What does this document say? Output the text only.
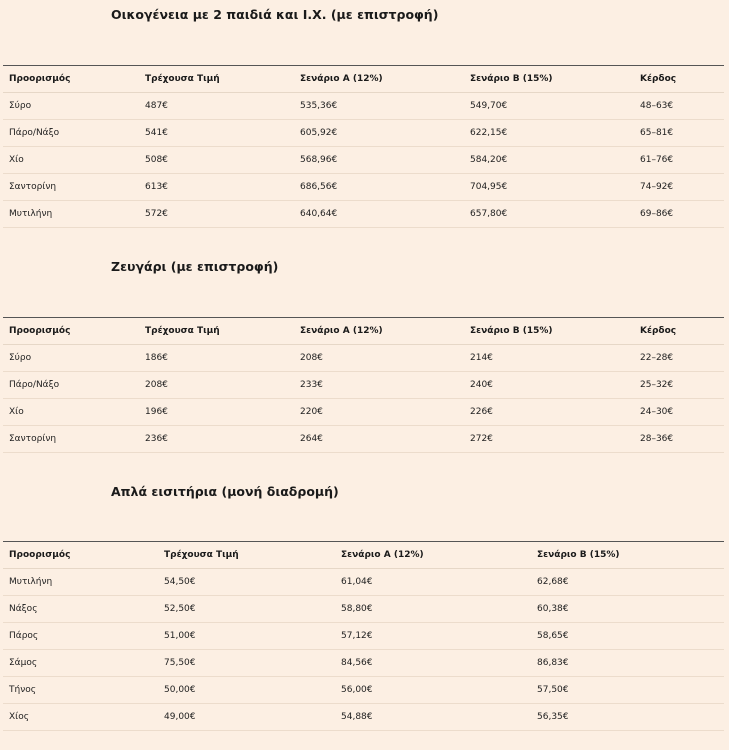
Οικογένεια με 2 παιδιά και Ι.Χ. (με επιστροφή)
Προορισμός	Τρέχουσα Τιμή	Σενάριο Α (12%)	Σενάριο Β (15%)	Κέρδος
Σύρο	487€	535,36€	549,70€	48–63€
Πάρο/Νάξο	541€	605,92€	622,15€	65–81€
Χίο	508€	568,96€	584,20€	61–76€
Σαντορίνη	613€	686,56€	704,95€	74–92€
Μυτιλήνη	572€	640,64€	657,80€	69–86€
Ζευγάρι (με επιστροφή)
Προορισμός	Τρέχουσα Τιμή	Σενάριο Α (12%)	Σενάριο Β (15%)	Κέρδος
Σύρο	186€	208€	214€	22–28€
Πάρο/Νάξο	208€	233€	240€	25–32€
Χίο	196€	220€	226€	24–30€
Σαντορίνη	236€	264€	272€	28–36€
Απλά εισιτήρια (μονή διαδρομή)
Προορισμός	Τρέχουσα Τιμή	Σενάριο Α (12%)	Σενάριο Β (15%)
Μυτιλήνη	54,50€	61,04€	62,68€
Νάξος	52,50€	58,80€	60,38€
Πάρος	51,00€	57,12€	58,65€
Σάμος	75,50€	84,56€	86,83€
Τήνος	50,00€	56,00€	57,50€
Χίος	49,00€	54,88€	56,35€
